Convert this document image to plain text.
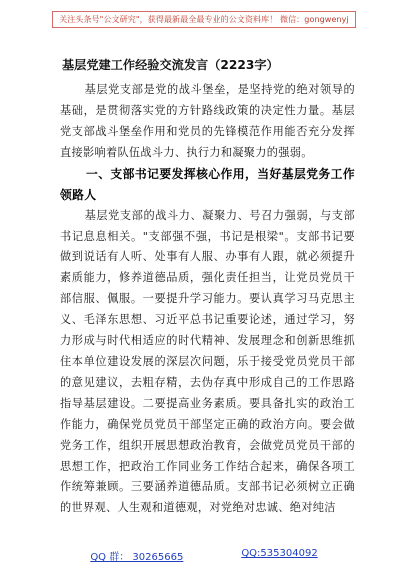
关注头条号"公文研究"，获得最新最全最专业的公文资料库！ 微信：gongwenyj
基层党建工作经验交流发言（2223字）

基层党支部是党的战斗堡垒，是坚持党的绝对领导的基础，是贯彻落实党的方针路线政策的决定性力量。基层党支部战斗堡垒作用和党员的先锋模范作用能否充分发挥直接影响着队伍战斗力、执行力和凝聚力的强弱。

一、支部书记要发挥核心作用，当好基层党务工作领路人

基层党支部的战斗力、凝聚力、号召力强弱，与支部书记息息相关。"支部强不强，书记是根梁"。支部书记要做到说话有人听、处事有人服、办事有人跟，就必须提升素质能力，修养道德品质，强化责任担当，让党员党员干部信服、佩服。一要提升学习能力。要认真学习马克思主义、毛泽东思想、习近平总书记重要论述，通过学习，努力形成与时代相适应的时代精神、发展理念和创新思维抓住本单位建设发展的深层次问题，乐于接受党员党员干部的意见建议，去粗存精，去伪存真中形成自己的工作思路指导基层建设。二要提高业务素质。要具备扎实的政治工作能力，确保党员党员干部坚定正确的政治方向。要会做党务工作，组织开展思想政治教育，会做党员党员干部的思想工作，把政治工作同业务工作结合起来，确保各项工作统筹兼顾。三要涵养道德品质。支部书记必须树立正确的世界观、人生观和道德观，对党绝对忠诚、绝对纯洁

QQ 群： 30265665	QQ:535304092
